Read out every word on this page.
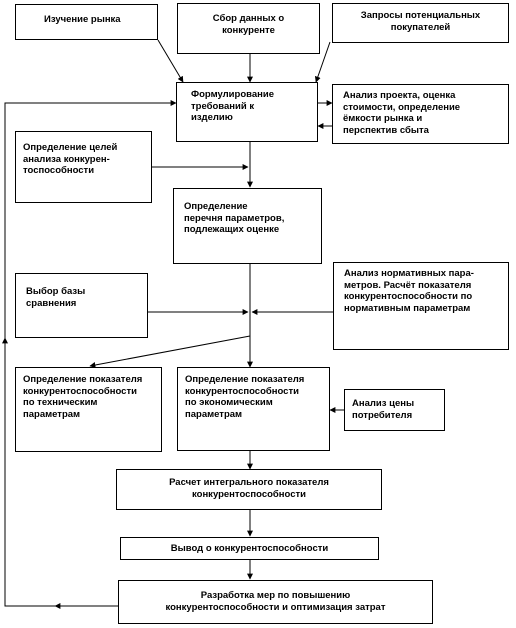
Изучение рынка	Сбор данных о
конкуренте
Запросы потенциальных
покупателей
Формулирование
требований к
изделию
Анализ проекта, оценка
стоимости, определение
ёмкости рынка и
перспектив сбыта
Определение целей
анализа конкурен-
тоспособности
Определение
перечня параметров,
подлежащих оценке
Выбор базы
сравнения
Анализ нормативных пара-
метров. Расчёт показателя
конкурентоспособности по
нормативным параметрам
Определение показателя
конкурентоспособности
по техническим
параметрам
Определение показателя
конкурентоспособности
по экономическим
параметрам
Анализ цены
потребителя
Расчет интегрального показателя
конкурентоспособности
Вывод о конкурентоспособности
Разработка мер по повышению
конкурентоспособности и оптимизация затрат
